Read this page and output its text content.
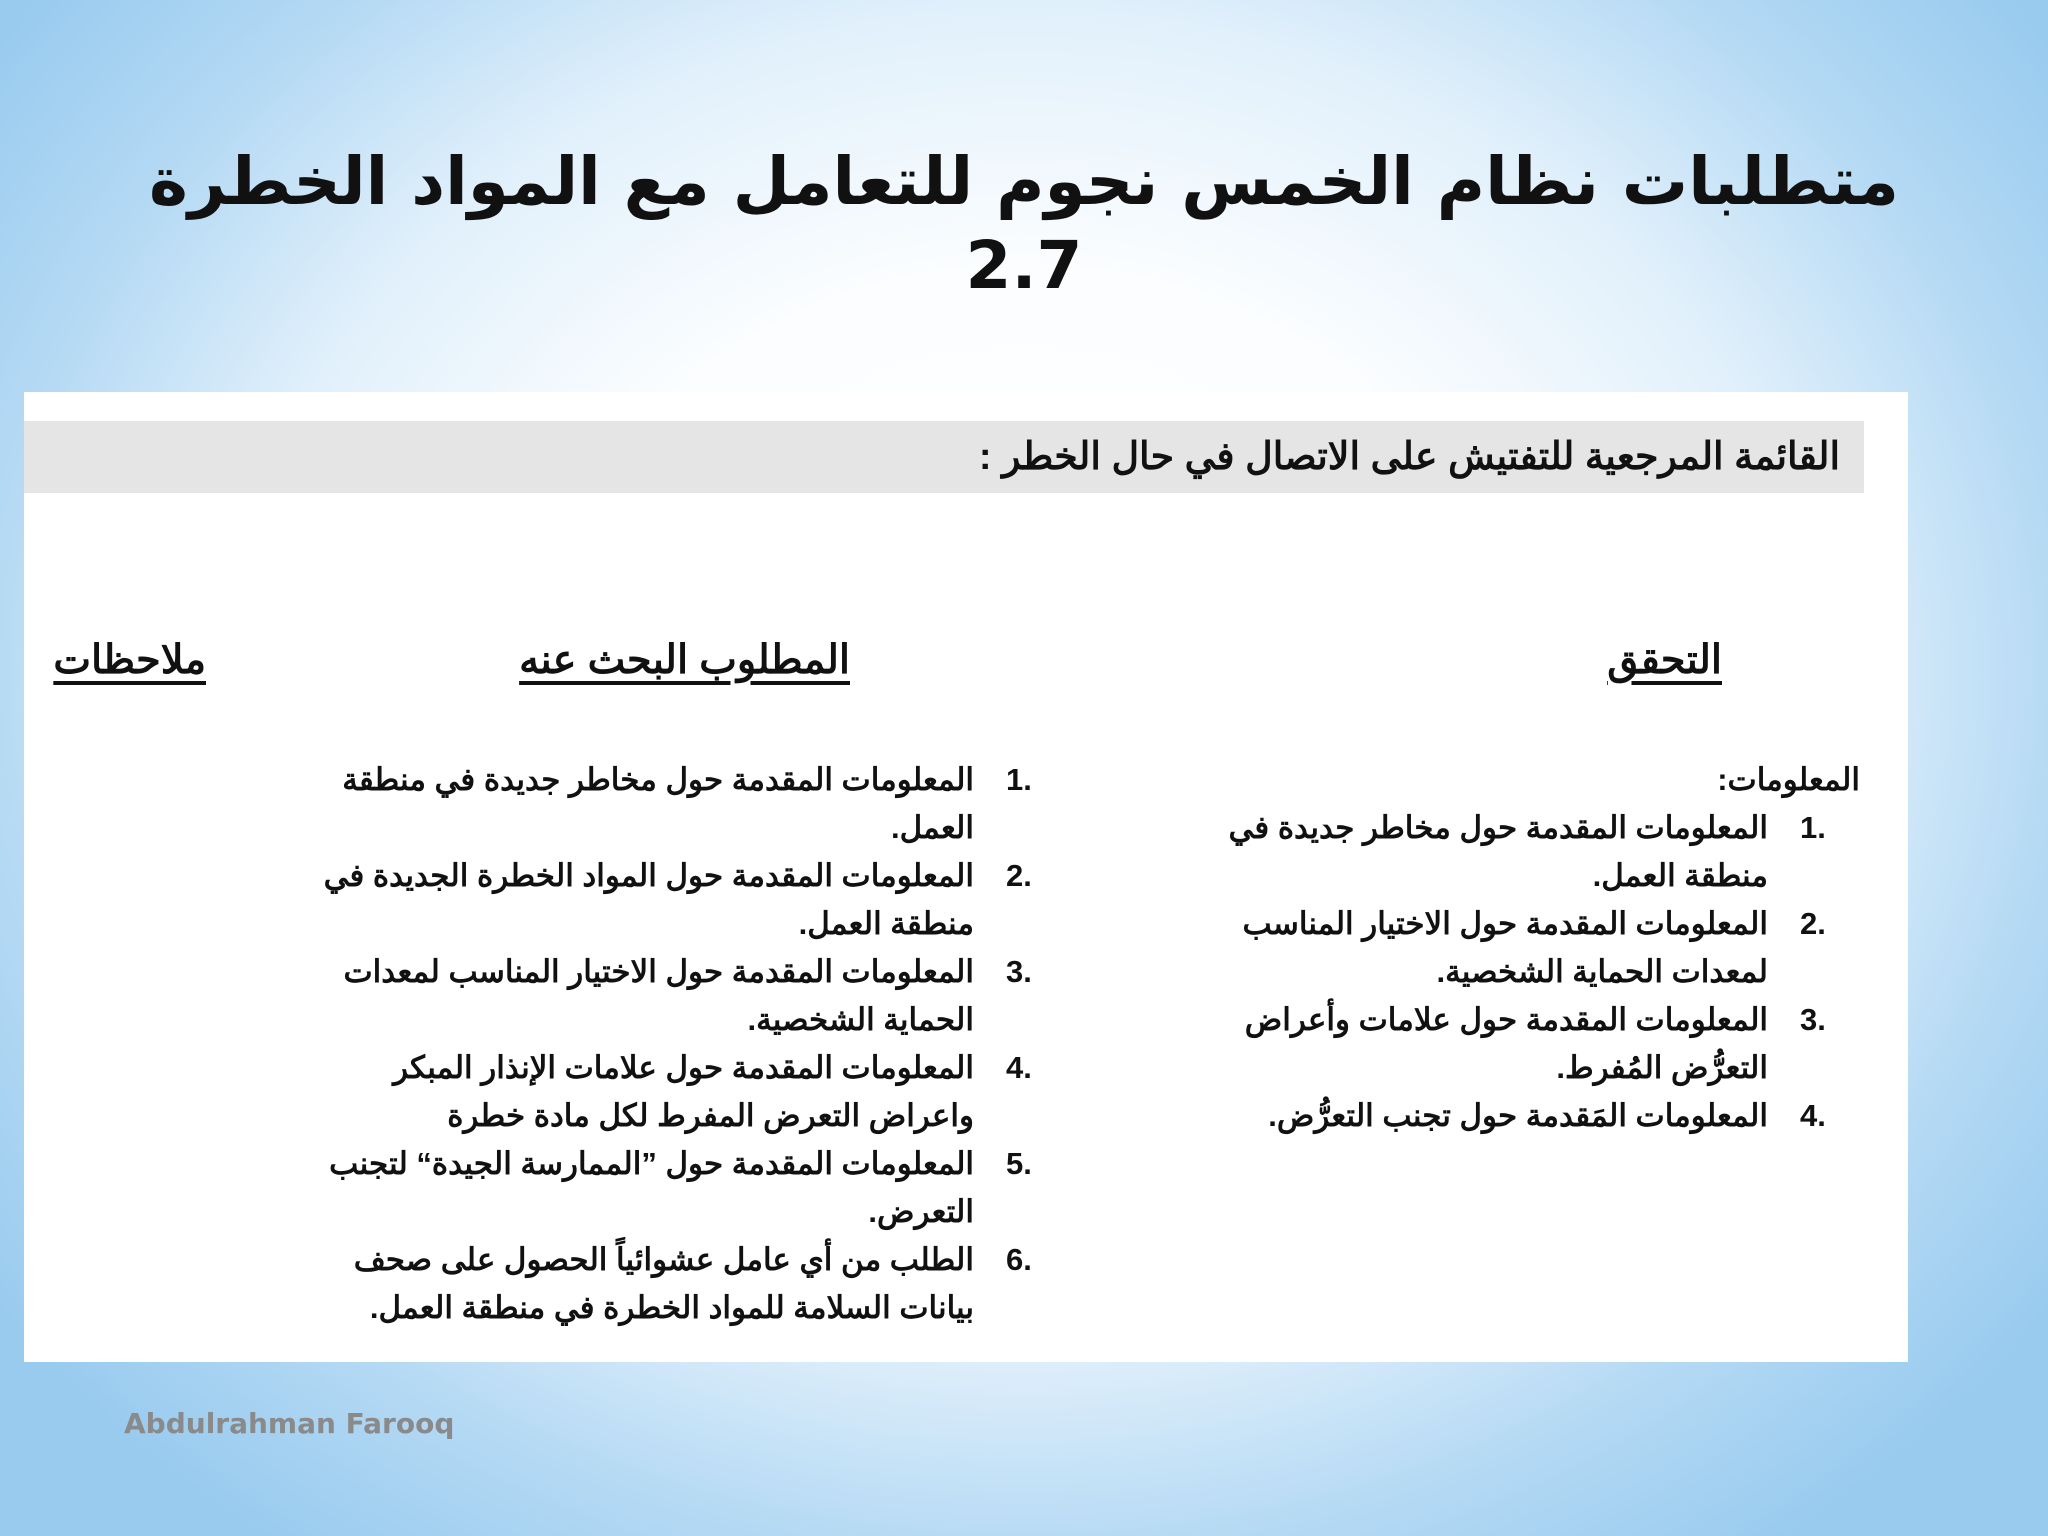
متطلبات نظام الخمس نجوم للتعامل مع المواد الخطرة
2.7
القائمة المرجعية للتفتيش على الاتصال في حال الخطر :
التحقق
المطلوب البحث عنه
ملاحظات

المعلومات:

1.
المعلومات المقدمة حول مخاطر جديدة في منطقة العمل.
2.
المعلومات المقدمة حول الاختيار المناسب لمعدات الحماية الشخصية.
3.
المعلومات المقدمة حول علامات وأعراض التعرُّض المُفرط.
4.
المعلومات المَقدمة حول تجنب التعرُّض.
1.
المعلومات المقدمة حول مخاطر جديدة في منطقة العمل.
2.
المعلومات المقدمة حول المواد الخطرة الجديدة في منطقة العمل.
3.
المعلومات المقدمة حول الاختيار المناسب لمعدات الحماية الشخصية.
4.
المعلومات المقدمة حول علامات الإنذار المبكر واعراض التعرض المفرط لكل مادة خطرة
5.
المعلومات المقدمة حول ”الممارسة الجيدة“ لتجنب التعرض.
6.
الطلب من أي عامل عشوائياً الحصول على صحف بيانات السلامة للمواد الخطرة في منطقة العمل.
Abdulrahman Farooq
